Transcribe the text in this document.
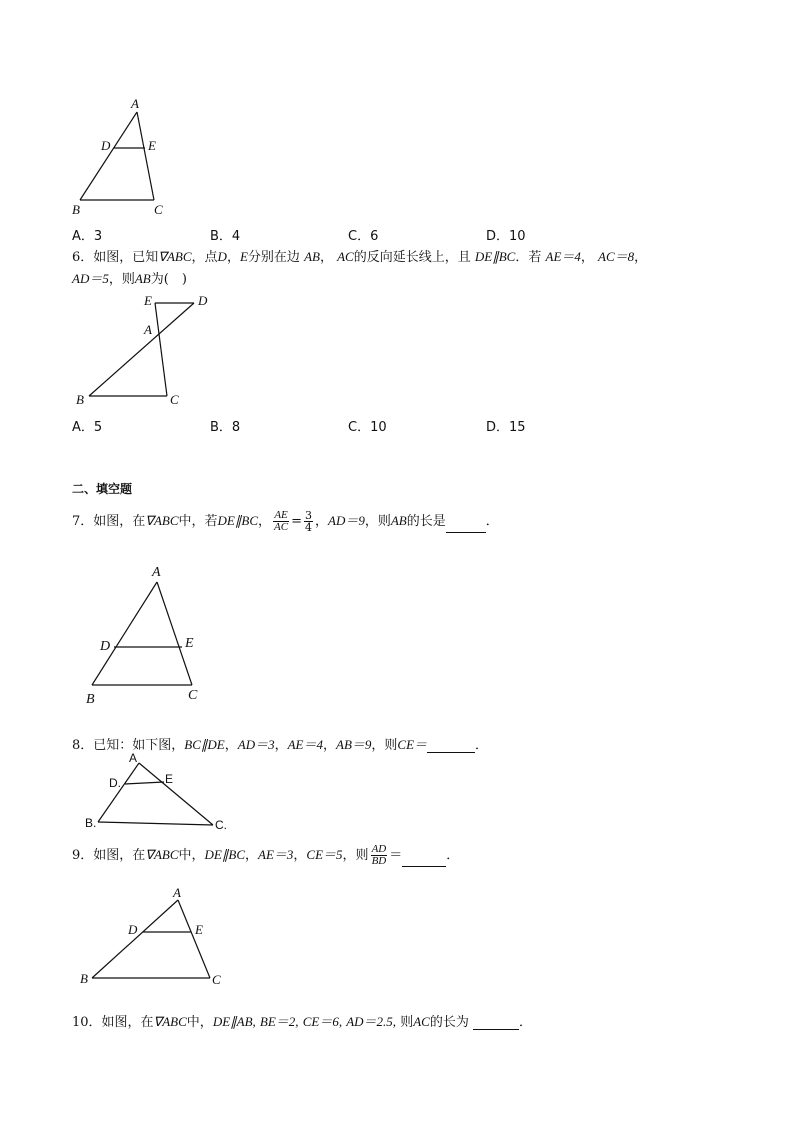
A
D	E
B	C
E	D
A
B	C
A
D	E
B	C
A
D.	E
B.	C.
A
D	E
B	C
A．3	B．4	C．6	D．10
6．如图，已知∇ABC，点D，E分别在边 AB， AC的反向延长线上，且 DE∥BC．若 AE＝4， AC＝8，
AD＝5，则AB为(　)
A．5	B．8	C．10	D．15
二、填空题
7．如图，在∇ABC中，若DE∥BC， $\frac{AE}{AC} = \frac{3}{4}$ ，AD＝9，则AB的长是	．
8．已知：如下图，BC∥DE，AD＝3，AE＝4，AB＝9，则CE＝	．
9．如图，在∇ABC中，DE∥BC，AE＝3，CE＝5，则 $\frac{AD}{BD}$ ＝	．
10．如图，在∇ABC中，DE∥AB, BE＝2, CE＝6, AD＝2.5, 则AC的长为	．
